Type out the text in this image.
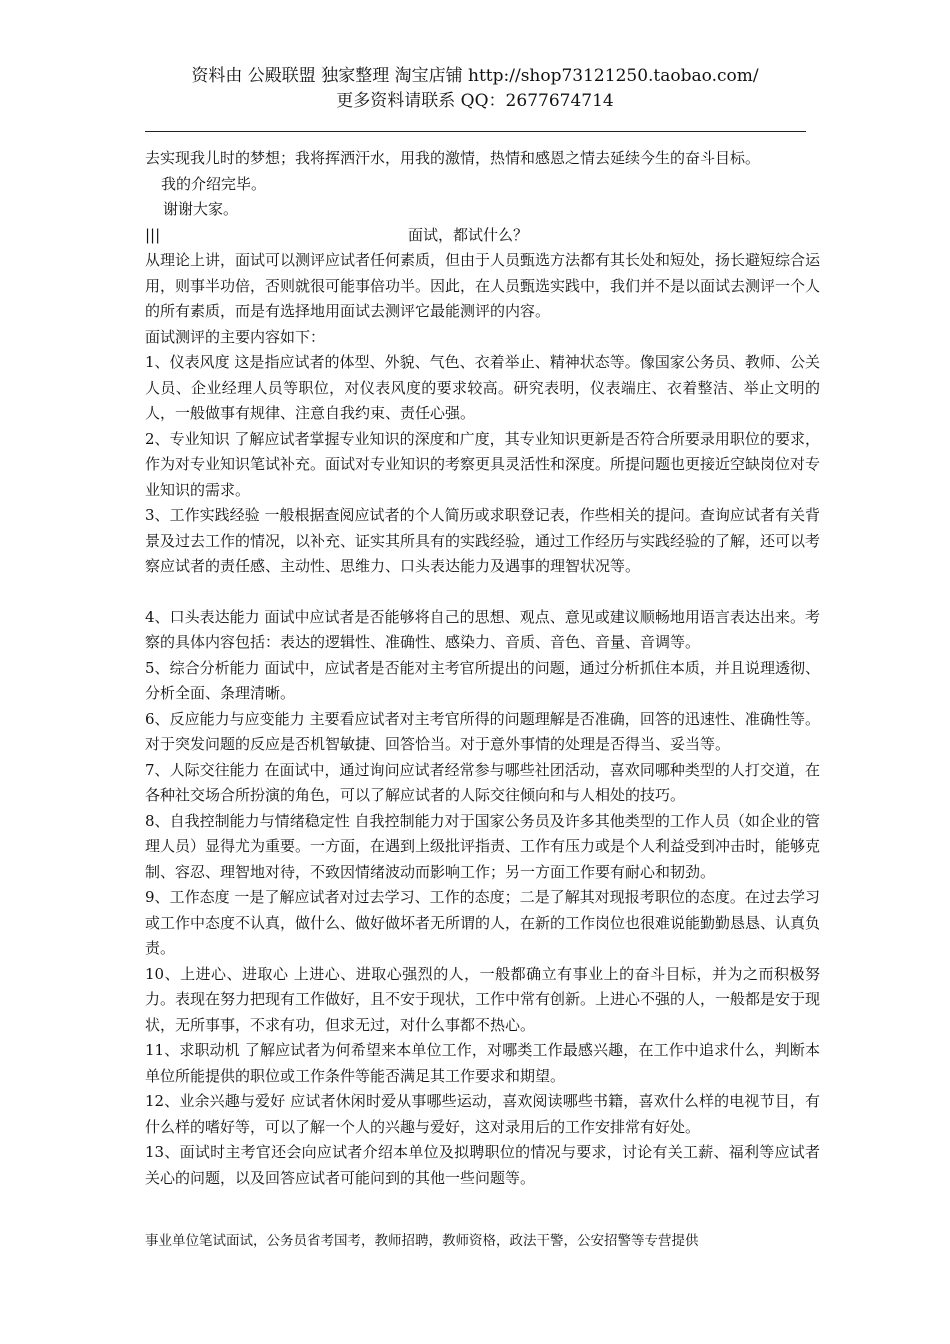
资料由 公殿联盟 独家整理 淘宝店铺 http://shop73121250.taobao.com/
更多资料请联系 QQ：2677674714

去实现我儿时的梦想；我将挥洒汗水，用我的激情，热情和感恩之情去延续今生的奋斗目标。

我的介绍完毕。

谢谢大家。

|||	面试，都试什么？

从理论上讲，面试可以测评应试者任何素质，但由于人员甄选方法都有其长处和短处，扬长避短综合运用，则事半功倍，否则就很可能事倍功半。因此，在人员甄选实践中，我们并不是以面试去测评一个人的所有素质，而是有选择地用面试去测评它最能测评的内容。

面试测评的主要内容如下：

1、仪表风度 这是指应试者的体型、外貌、气色、衣着举止、精神状态等。像国家公务员、教师、公关人员、企业经理人员等职位，对仪表风度的要求较高。研究表明，仪表端庄、衣着整洁、举止文明的人，一般做事有规律、注意自我约束、责任心强。

2、专业知识 了解应试者掌握专业知识的深度和广度，其专业知识更新是否符合所要录用职位的要求，作为对专业知识笔试补充。面试对专业知识的考察更具灵活性和深度。所提问题也更接近空缺岗位对专业知识的需求。

3、工作实践经验 一般根据查阅应试者的个人简历或求职登记表，作些相关的提问。查询应试者有关背景及过去工作的情况，以补充、证实其所具有的实践经验，通过工作经历与实践经验的了解，还可以考察应试者的责任感、主动性、思维力、口头表达能力及遇事的理智状况等。

4、口头表达能力 面试中应试者是否能够将自己的思想、观点、意见或建议顺畅地用语言表达出来。考察的具体内容包括：表达的逻辑性、准确性、感染力、音质、音色、音量、音调等。

5、综合分析能力 面试中，应试者是否能对主考官所提出的问题，通过分析抓住本质，并且说理透彻、分析全面、条理清晰。

6、反应能力与应变能力 主要看应试者对主考官所得的问题理解是否准确，回答的迅速性、准确性等。对于突发问题的反应是否机智敏捷、回答恰当。对于意外事情的处理是否得当、妥当等。

7、人际交往能力 在面试中，通过询问应试者经常参与哪些社团活动，喜欢同哪种类型的人打交道，在各种社交场合所扮演的角色，可以了解应试者的人际交往倾向和与人相处的技巧。

8、自我控制能力与情绪稳定性 自我控制能力对于国家公务员及许多其他类型的工作人员（如企业的管理人员）显得尤为重要。一方面，在遇到上级批评指责、工作有压力或是个人利益受到冲击时，能够克制、容忍、理智地对待，不致因情绪波动而影响工作；另一方面工作要有耐心和韧劲。

9、工作态度 一是了解应试者对过去学习、工作的态度；二是了解其对现报考职位的态度。在过去学习或工作中态度不认真，做什么、做好做坏者无所谓的人，在新的工作岗位也很难说能勤勤恳恳、认真负责。

10、上进心、进取心 上进心、进取心强烈的人，一般都确立有事业上的奋斗目标，并为之而积极努力。表现在努力把现有工作做好，且不安于现状，工作中常有创新。上进心不强的人，一般都是安于现状，无所事事，不求有功，但求无过，对什么事都不热心。

11、求职动机 了解应试者为何希望来本单位工作，对哪类工作最感兴趣，在工作中追求什么，判断本单位所能提供的职位或工作条件等能否满足其工作要求和期望。

12、业余兴趣与爱好 应试者休闲时爱从事哪些运动，喜欢阅读哪些书籍，喜欢什么样的电视节目，有什么样的嗜好等，可以了解一个人的兴趣与爱好，这对录用后的工作安排常有好处。

13、面试时主考官还会向应试者介绍本单位及拟聘职位的情况与要求，讨论有关工薪、福利等应试者关心的问题，以及回答应试者可能问到的其他一些问题等。

事业单位笔试面试，公务员省考国考，教师招聘，教师资格，政法干警，公安招警等专营提供
